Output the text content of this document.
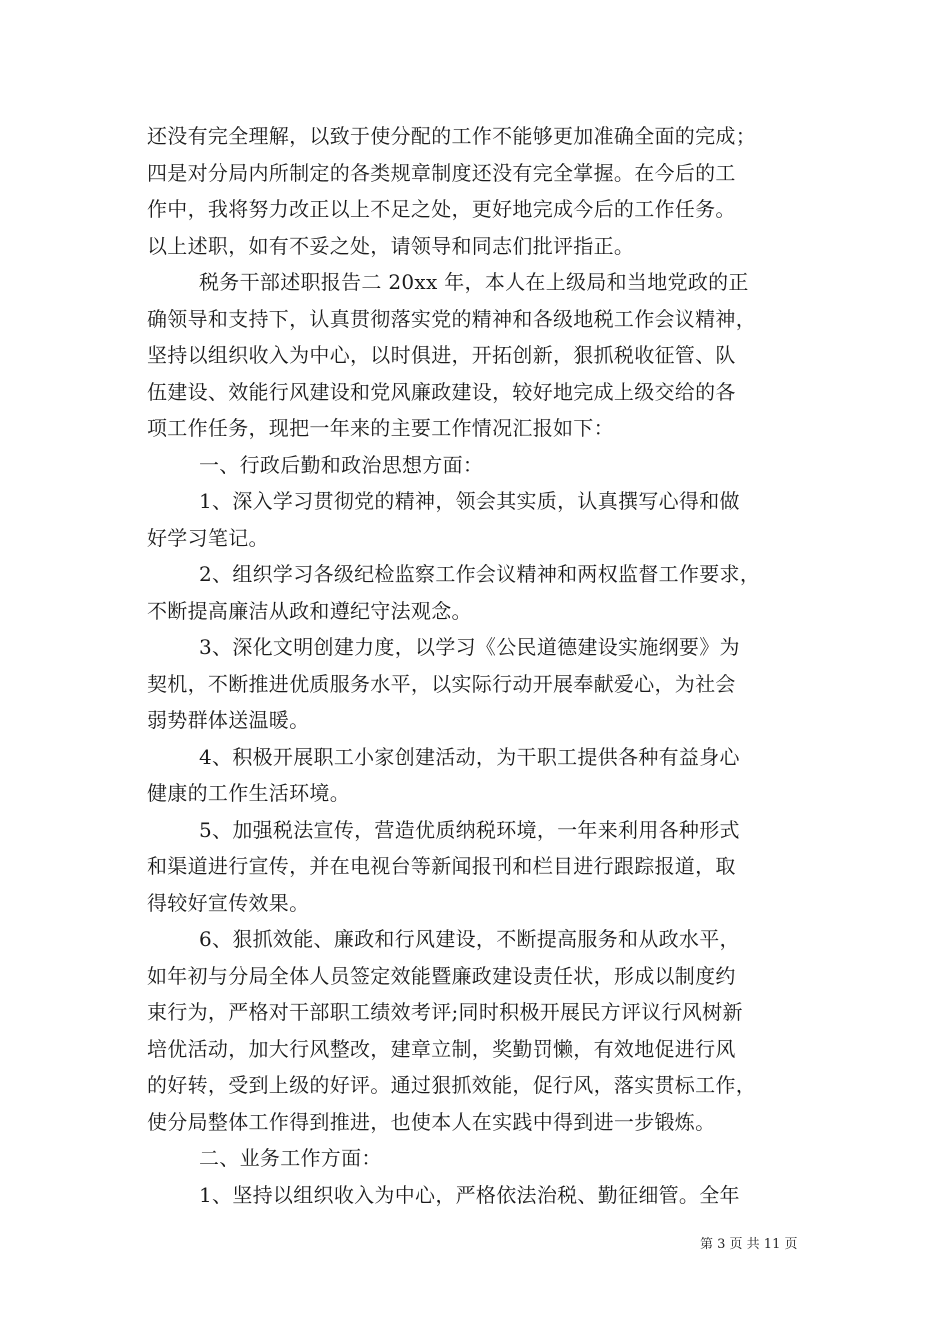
还没有完全理解，以致于使分配的工作不能够更加准确全面的完成；
四是对分局内所制定的各类规章制度还没有完全掌握。在今后的工
作中，我将努力改正以上不足之处，更好地完成今后的工作任务。
以上述职，如有不妥之处，请领导和同志们批评指正。
税务干部述职报告二 20xx 年，本人在上级局和当地党政的正
确领导和支持下，认真贯彻落实党的精神和各级地税工作会议精神，
坚持以组织收入为中心，以时俱进，开拓创新，狠抓税收征管、队
伍建设、效能行风建设和党风廉政建设，较好地完成上级交给的各
项工作任务，现把一年来的主要工作情况汇报如下：
一、行政后勤和政治思想方面：
1、深入学习贯彻党的精神，领会其实质，认真撰写心得和做
好学习笔记。
2、组织学习各级纪检监察工作会议精神和两权监督工作要求，
不断提高廉洁从政和遵纪守法观念。
3、深化文明创建力度，以学习《公民道德建设实施纲要》为
契机，不断推进优质服务水平，以实际行动开展奉献爱心，为社会
弱势群体送温暖。
4、积极开展职工小家创建活动，为干职工提供各种有益身心
健康的工作生活环境。
5、加强税法宣传，营造优质纳税环境，一年来利用各种形式
和渠道进行宣传，并在电视台等新闻报刊和栏目进行跟踪报道，取
得较好宣传效果。
6、狠抓效能、廉政和行风建设，不断提高服务和从政水平，
如年初与分局全体人员签定效能暨廉政建设责任状，形成以制度约
束行为，严格对干部职工绩效考评;同时积极开展民方评议行风树新
培优活动，加大行风整改，建章立制，奖勤罚懒，有效地促进行风
的好转，受到上级的好评。通过狠抓效能，促行风，落实贯标工作，
使分局整体工作得到推进，也使本人在实践中得到进一步锻炼。
二、业务工作方面：
1、坚持以组织收入为中心，严格依法治税、勤征细管。全年
第 3 页 共 11 页
